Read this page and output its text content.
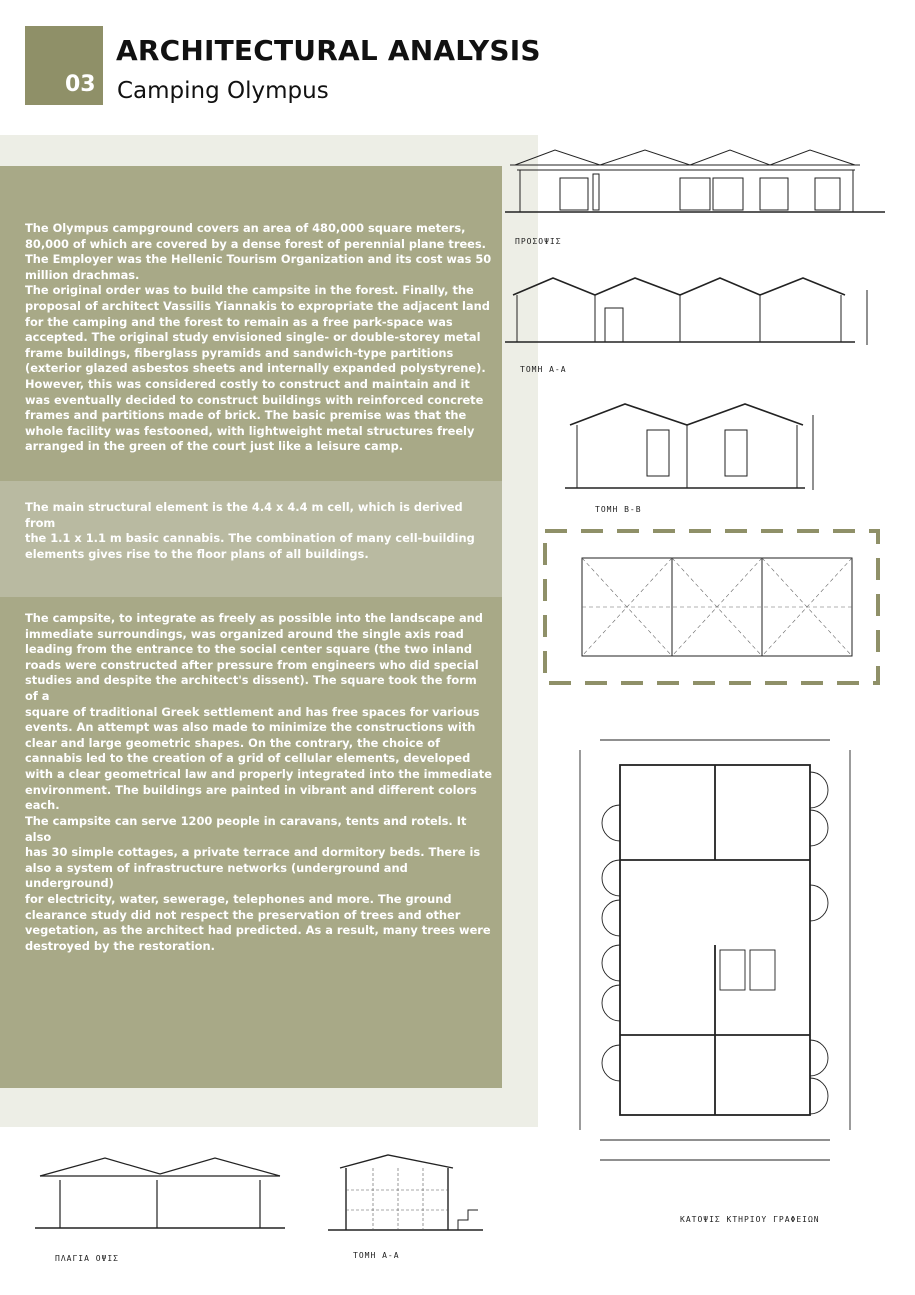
03
ARCHITECTURAL ANALYSIS
Camping Olympus

The Olympus campground covers an area of 480,000 square meters,
80,000 of which are covered by a dense forest of perennial plane trees.
The Employer was the Hellenic Tourism Organization and its cost was 50
million drachmas.
The original order was to build the campsite in the forest. Finally, the
proposal of architect Vassilis Yiannakis to expropriate the adjacent land
for the camping and the forest to remain as a free park-space was
accepted. The original study envisioned single- or double-storey metal
frame buildings, fiberglass pyramids and sandwich-type partitions
(exterior glazed asbestos sheets and internally expanded polystyrene).
However, this was considered costly to construct and maintain and it
was eventually decided to construct buildings with reinforced concrete
frames and partitions made of brick. The basic premise was that the
whole facility was festooned, with lightweight metal structures freely
arranged in the green of the court just like a leisure camp.

The main structural element is the 4.4 x 4.4 m cell, which is derived from
the 1.1 x 1.1 m basic cannabis. The combination of many cell-building
elements gives rise to the floor plans of all buildings.

The campsite, to integrate as freely as possible into the landscape and
immediate surroundings, was organized around the single axis road
leading from the entrance to the social center square (the two inland
roads were constructed after pressure from engineers who did special
studies and despite the architect's dissent). The square took the form of a
square of traditional Greek settlement and has free spaces for various
events. An attempt was also made to minimize the constructions with
clear and large geometric shapes. On the contrary, the choice of
cannabis led to the creation of a grid of cellular elements, developed
with a clear geometrical law and properly integrated into the immediate
environment. The buildings are painted in vibrant and different colors
each.

The campsite can serve 1200 people in caravans, tents and rotels. It also
has 30 simple cottages, a private terrace and dormitory beds. There is
also a system of infrastructure networks (underground and underground)
for electricity, water, sewerage, telephones and more. The ground
clearance study did not respect the preservation of trees and other
vegetation, as the architect had predicted. As a result, many trees were
destroyed by the restoration.

ΠΡΟΣΟΨΙΣ
ΤΟΜΗ Α-Α
ΤΟΜΗ Β-Β
ΚΑΤΟΨΙΣ ΚΤΗΡΙΟΥ ΓΡΑΦΕΙΩΝ
ΠΛΑΓΙΑ ΟΨΙΣ	ΤΟΜΗ Α-Α
